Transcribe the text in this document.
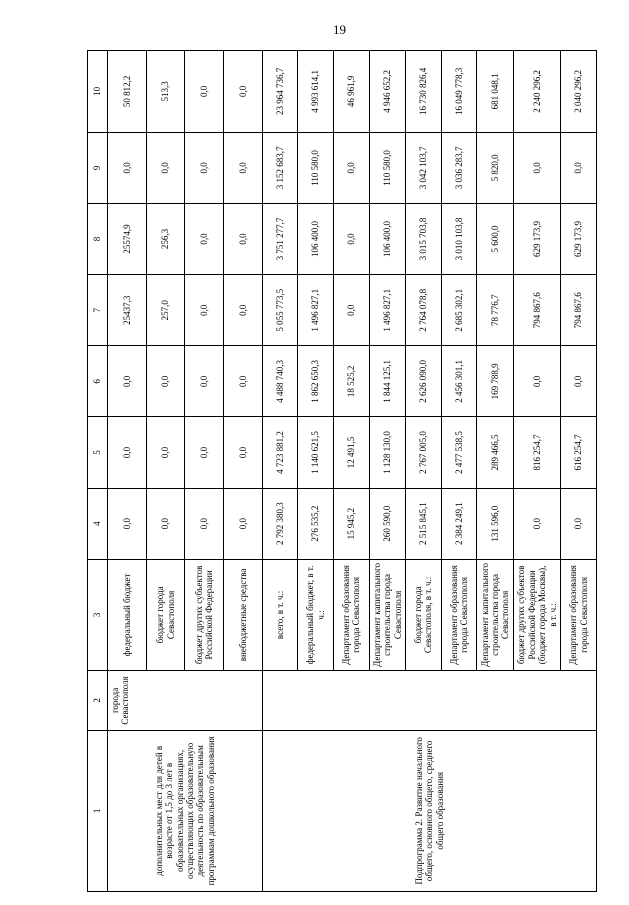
19
1	2	3	4	5	6	7	8	9	10
дополнительных мест для детей в возрасте от 1,5 до 3 лет в образовательных организациях, осуществляющих образовательную деятельность по образовательным программам дошкольного образования	города Севастополя	федеральный бюджет	0,0	0,0	0,0	25437,3	25574,9	0,0	50 812,2
		бюджет города Севастополя	0,0	0,0	0,0	257,0	256,3	0,0	513,3
		бюджет других субъектов Российской Федерации	0,0	0,0	0,0	0,0	0,0	0,0	0,0
		внебюджетные средства	0,0	0,0	0,0	0,0	0,0	0,0	0,0
Подпрограмма 2. Развитие начального общего, основного общего, среднего общего образования		всего, в т. ч.:	2 792 380,3	4 723 881,2	4 488 740,3	5 055 773,5	3 751 277,7	3 152 683,7	23 964 736,7
		федеральный бюджет, в т. ч.:	276 535,2	1 140 621,5	1 862 650,3	1 496 827,1	106 400,0	110 580,0	4 993 614,1
		Департамент образования города Севастополя	15 945,2	12 491,5	18 525,2	0,0	0,0	0,0	46 961,9
		Департамент капитального строительства города Севастополя	260 590,0	1 128 130,0	1 844 125,1	1 496 827,1	106 400,0	110 580,0	4 946 652,2
		бюджет города Севастополя, в т. ч.:	2 515 845,1	2 767 005,0	2 626 090,0	2 764 078,8	3 015 703,8	3 042 103,7	16 730 826,4
		Департамент образования города Севастополя	2 384 249,1	2 477 538,5	2 456 301,1	2 685 302,1	3 010 103,8	3 036 283,7	16 049 778,3
		Департамент капитального строительства города Севастополя	131 596,0	289 466,5	169 788,9	78 776,7	5 600,0	5 820,0	681 048,1
		бюджет других субъектов Российской Федерации (бюджет города Москвы), в т. ч.:	0,0	816 254,7	0,0	794 867,6	629 173,9	0,0	2 240 296,2
		Департамент образования города Севастополя	0,0	616 254,7	0,0	794 867,6	629 173,9	0,0	2 040 296,2
